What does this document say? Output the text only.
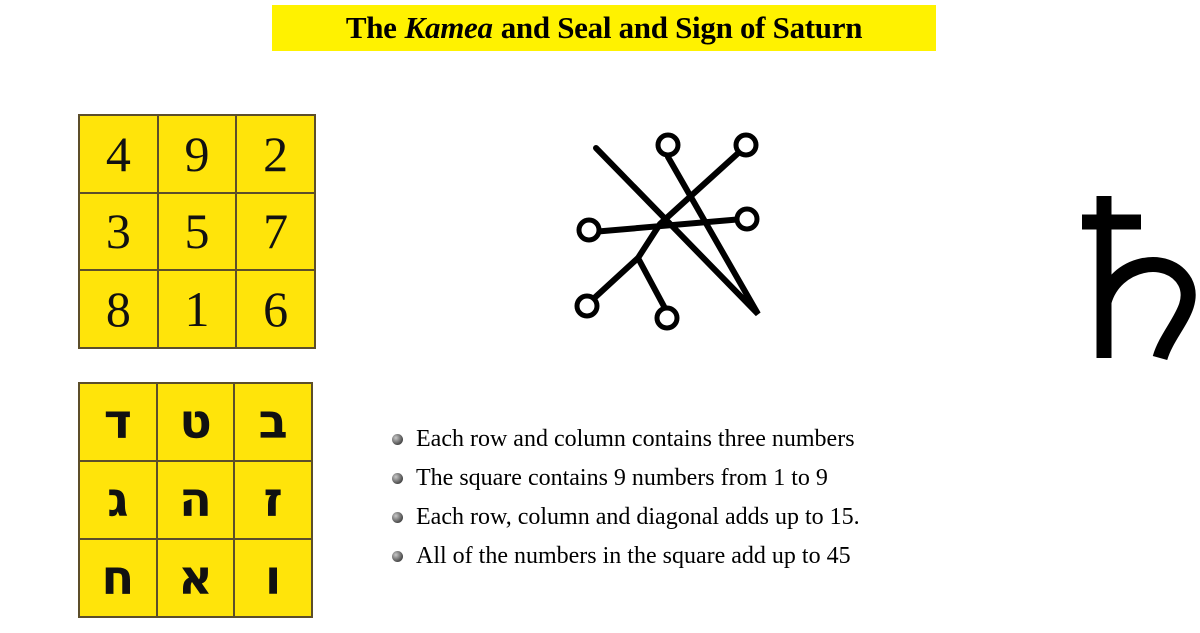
The Kamea and Seal and Sign of Saturn
4	9	2
3	5	7
8	1	6
ד ט ב
ג	ה	ז
ח א	ו
Each row and column contains three numbers
The square contains 9 numbers from 1 to 9
Each row, column and diagonal adds up to 15.
All of the numbers in the square add up to 45
